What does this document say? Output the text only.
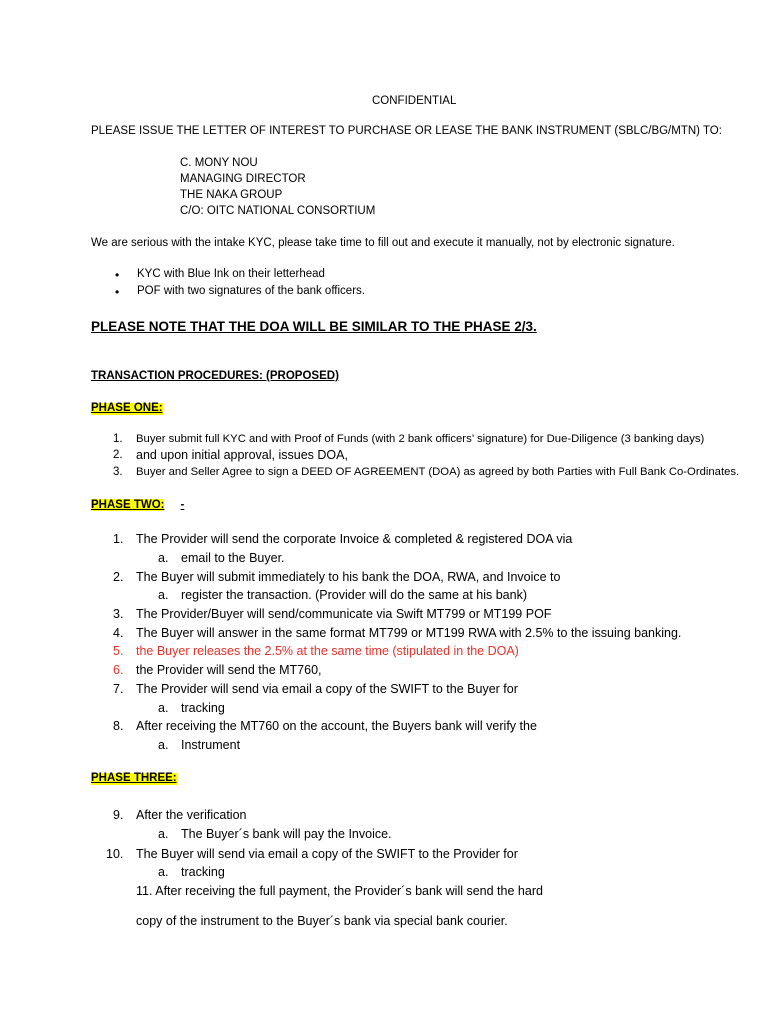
CONFIDENTIAL
PLEASE ISSUE THE LETTER OF INTEREST TO PURCHASE OR LEASE THE BANK INSTRUMENT (SBLC/BG/MTN) TO:
C. MONY NOU
MANAGING DIRECTOR
THE NAKA GROUP
C/O: OITC NATIONAL CONSORTIUM
We are serious with the intake KYC, please take time to fill out and execute it manually, not by electronic signature.
• KYC with Blue Ink on their letterhead
• POF with two signatures of the bank officers.
PLEASE NOTE THAT THE DOA WILL BE SIMILAR TO THE PHASE 2/3.
TRANSACTION PROCEDURES: (PROPOSED)
PHASE ONE:
1. Buyer submit full KYC and with Proof of Funds (with 2 bank officers’ signature) for Due-Diligence (3 banking days)
2. and upon initial approval, issues DOA,
3. Buyer and Seller Agree to sign a DEED OF AGREEMENT (DOA) as agreed by both Parties with Full Bank Co-Ordinates.
PHASE TWO: -
1. The Provider will send the corporate Invoice & completed & registered DOA via
a. email to the Buyer.
2. The Buyer will submit immediately to his bank the DOA, RWA, and Invoice to
a. register the transaction. (Provider will do the same at his bank)
3. The Provider/Buyer will send/communicate via Swift MT799 or MT199 POF
4. The Buyer will answer in the same format MT799 or MT199 RWA with 2.5% to the issuing banking.
5. the Buyer releases the 2.5% at the same time (stipulated in the DOA)
6. the Provider will send the MT760,
7. The Provider will send via email a copy of the SWIFT to the Buyer for
a. tracking
8. After receiving the MT760 on the account, the Buyers bank will verify the
a. Instrument
PHASE THREE:
9. After the verification
a. The Buyer´s bank will pay the Invoice.
10. The Buyer will send via email a copy of the SWIFT to the Provider for
a. tracking
11. After receiving the full payment, the Provider´s bank will send the hard
copy of the instrument to the Buyer´s bank via special bank courier.
